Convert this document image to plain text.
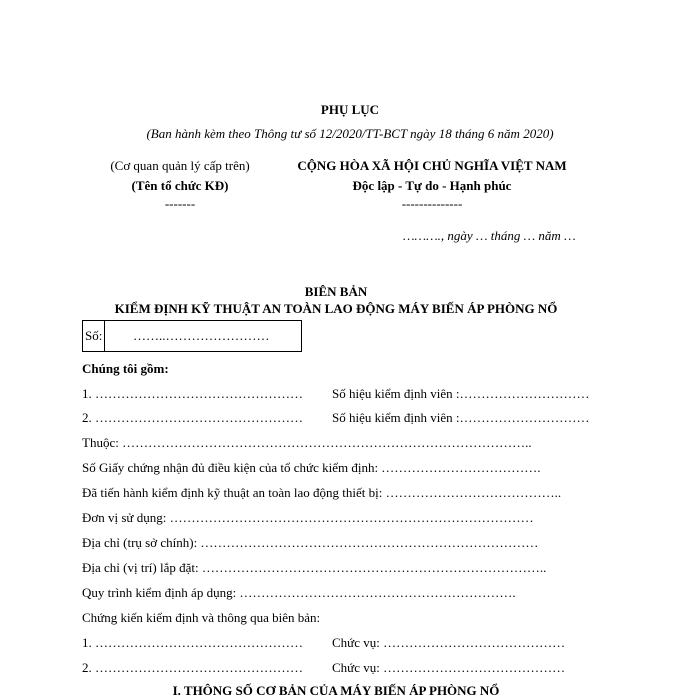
PHỤ LỤC
(Ban hành kèm theo Thông tư số 12/2020/TT-BCT ngày 18 tháng 6 năm 2020)
(Cơ quan quản lý cấp trên)
(Tên tổ chức KĐ)
-------
CỘNG HÒA XÃ HỘI CHỦ NGHĨA VIỆT NAM
Độc lập - Tự do - Hạnh phúc
--------------
………., ngày … tháng … năm …
BIÊN BẢN
KIỂM ĐỊNH KỸ THUẬT AN TOÀN LAO ĐỘNG MÁY BIẾN ÁP PHÒNG NỔ
Số: ……..……………………
Chúng tôi gồm:
1. ………………………………………… Số hiệu kiểm định viên :…………………………
2. ………………………………………… Số hiệu kiểm định viên :…………………………
Thuộc: …………………………………………………………………………………..
Số Giấy chứng nhận đủ điều kiện của tổ chức kiểm định: ……………………………….
Đã tiến hành kiểm định kỹ thuật an toàn lao động thiết bị: …………………………………..
Đơn vị sử dụng: …………………………………………………………………………
Địa chỉ (trụ sở chính): ……………………………………………………………………
Địa chỉ (vị trí) lắp đặt: ……………………………………………………………………..
Quy trình kiểm định áp dụng: ……………………………………………………….
Chứng kiến kiểm định và thông qua biên bản:
1. ………………………………………… Chức vụ: ……………………………………
2. ………………………………………… Chức vụ: ……………………………………
I. THÔNG SỐ CƠ BẢN CỦA MÁY BIẾN ÁP PHÒNG NỔ
